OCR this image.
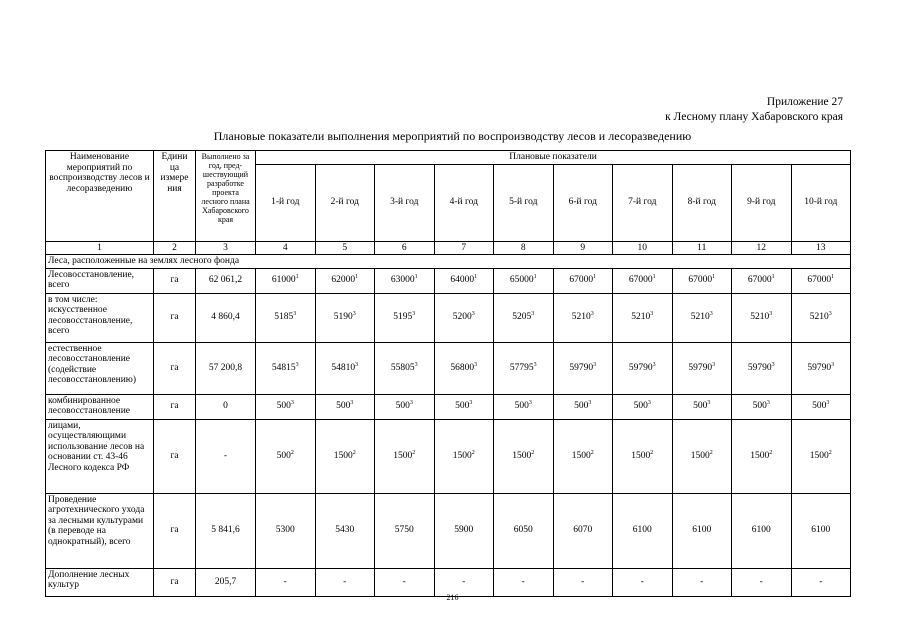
Приложение 27
к Лесному плану Хабаровского края
Плановые показатели выполнения мероприятий по воспроизводству лесов и лесоразведению
Наименование мероприятий по воспроизводству лесов и лесоразведению	Едини ца измере ния	Выполнено за год, пред- шествующий разработке проекта лесного плана Хабаровского края	Плановые показатели									
			1-й год	2-й год	3-й год	4-й год	5-й год	6-й год	7-й год	8-й год	9-й год	10-й год
1	2	3	4	5	6	7	8	9	10	11	12	13
Леса, расположенные на землях лесного фонда												
Лесовосстановление, всего	га	62 061,2	61000$^1$	62000$^1$	63000$^1$	64000$^1$	65000$^1$	67000$^1$	67000$^1$	67000$^1$	67000$^1$	67000$^1$
в том числе: искусственное лесовосстановление, всего	га	4 860,4	5185$^3$	5190$^3$	5195$^3$	5200$^3$	5205$^3$	5210$^3$	5210$^3$	5210$^3$	5210$^3$	5210$^3$
естественное лесовосстановление (содействие лесовосстановлению)	га	57 200,8	54815$^3$	54810$^3$	55805$^3$	56800$^3$	57795$^3$	59790$^3$	59790$^3$	59790$^3$	59790$^3$	59790$^3$
комбинированное лесовосстановление	га	0	$500^3$	$500^3$	$500^3$	$500^3$	$500^3$	$500^3$	$500^3$	$500^3$	$500^3$	$500^3$
лицами, осуществляющими использование лесов на основании ст. 43-46 Лесного кодекса РФ	га	-	$500^2$	1500$^2$	1500$^2$	1500$^2$	1500$^2$	1500$^2$	1500$^2$	1500$^2$	1500$^2$	1500$^2$
Проведение агротехнического ухода за лесными культурами (в переводе на однократный), всего	га	5 841,6	5300	5430	5750	5900	6050	6070	6100	6100	6100	6100
Дополнение лесных культур	га	205,7	-	-	-	-	-	-	-	-	-	-
216
